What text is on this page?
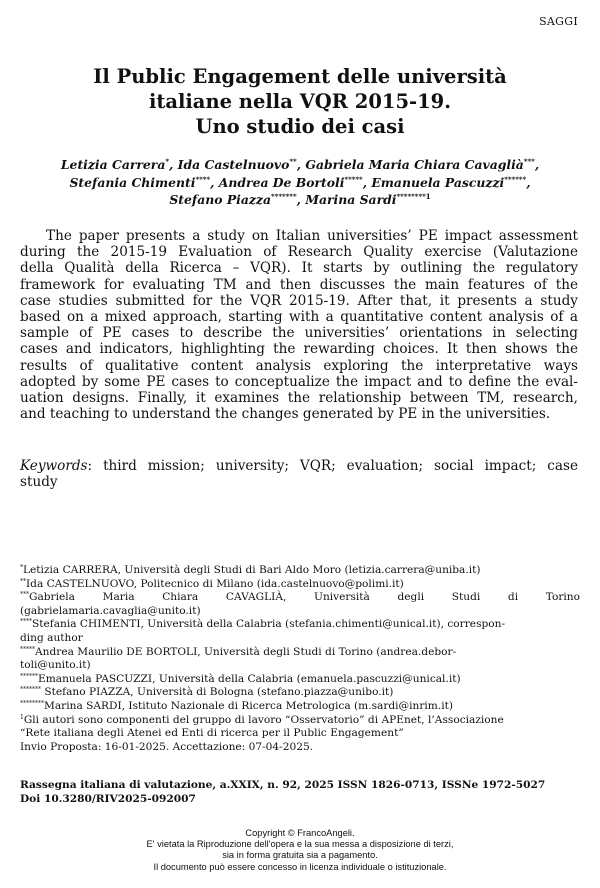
SAGGI
Il Public Engagement delle università
italiane nella VQR 2015-19.
Uno studio dei casi
Letizia Carrera*, Ida Castelnuovo**, Gabriela Maria Chiara Cavaglià***,
Stefania Chimenti****, Andrea De Bortoli*****, Emanuela Pascuzzi******,
Stefano Piazza*******, Marina Sardi$^{********1}$
The paper presents a study on Italian universities’ PE impact assessment
during the 2015-19 Evaluation of Research Quality exercise (Valutazione
della Qualità della Ricerca – VQR). It starts by outlining the regulatory
framework for evaluating TM and then discusses the main features of the
case studies submitted for the VQR 2015-19. After that, it presents a study
based on a mixed approach, starting with a quantitative content analysis of a
sample of PE cases to describe the universities’ orientations in selecting
cases and indicators, highlighting the rewarding choices. It then shows the
results of qualitative content analysis exploring the interpretative ways
adopted by some PE cases to conceptualize the impact and to define the eval-
uation designs. Finally, it examines the relationship between TM, research,
and teaching to understand the changes generated by PE in the universities.
Keywords: third mission; university; VQR; evaluation; social impact; case
study
*Letizia CARRERA, Università degli Studi di Bari Aldo Moro (letizia.carrera@uniba.it)
**Ida CASTELNUOVO, Politecnico di Milano (ida.castelnuovo@polimi.it)
***Gabriela Maria Chiara CAVAGLIÀ, Università degli Studi di Torino
(gabrielamaria.cavaglia@unito.it)
****Stefania CHIMENTI, Università della Calabria (stefania.chimenti@unical.it), correspon-
ding author
*****Andrea Maurilio DE BORTOLI, Università degli Studi di Torino (andrea.debor-
toli@unito.it)
******Emanuela PASCUZZI, Università della Calabria (emanuela.pascuzzi@unical.it)
******* Stefano PIAZZA, Università di Bologna (stefano.piazza@unibo.it)
********Marina SARDI, Istituto Nazionale di Ricerca Metrologica (m.sardi@inrim.it)
$^1$Gli autori sono componenti del gruppo di lavoro “Osservatorio” di APEnet, l’Associazione
“Rete italiana degli Atenei ed Enti di ricerca per il Public Engagement”
Invio Proposta: 16-01-2025. Accettazione: 07-04-2025.
Rassegna italiana di valutazione, a.XXIX, n. 92, 2025 ISSN 1826-0713, ISSNe 1972-5027
Doi 10.3280/RIV2025-092007
Copyright © FrancoAngeli.
E' vietata la Riproduzione dell'opera e la sua messa a disposizione di terzi,
sia in forma gratuita sia a pagamento.
Il documento può essere concesso in licenza individuale o istituzionale.
